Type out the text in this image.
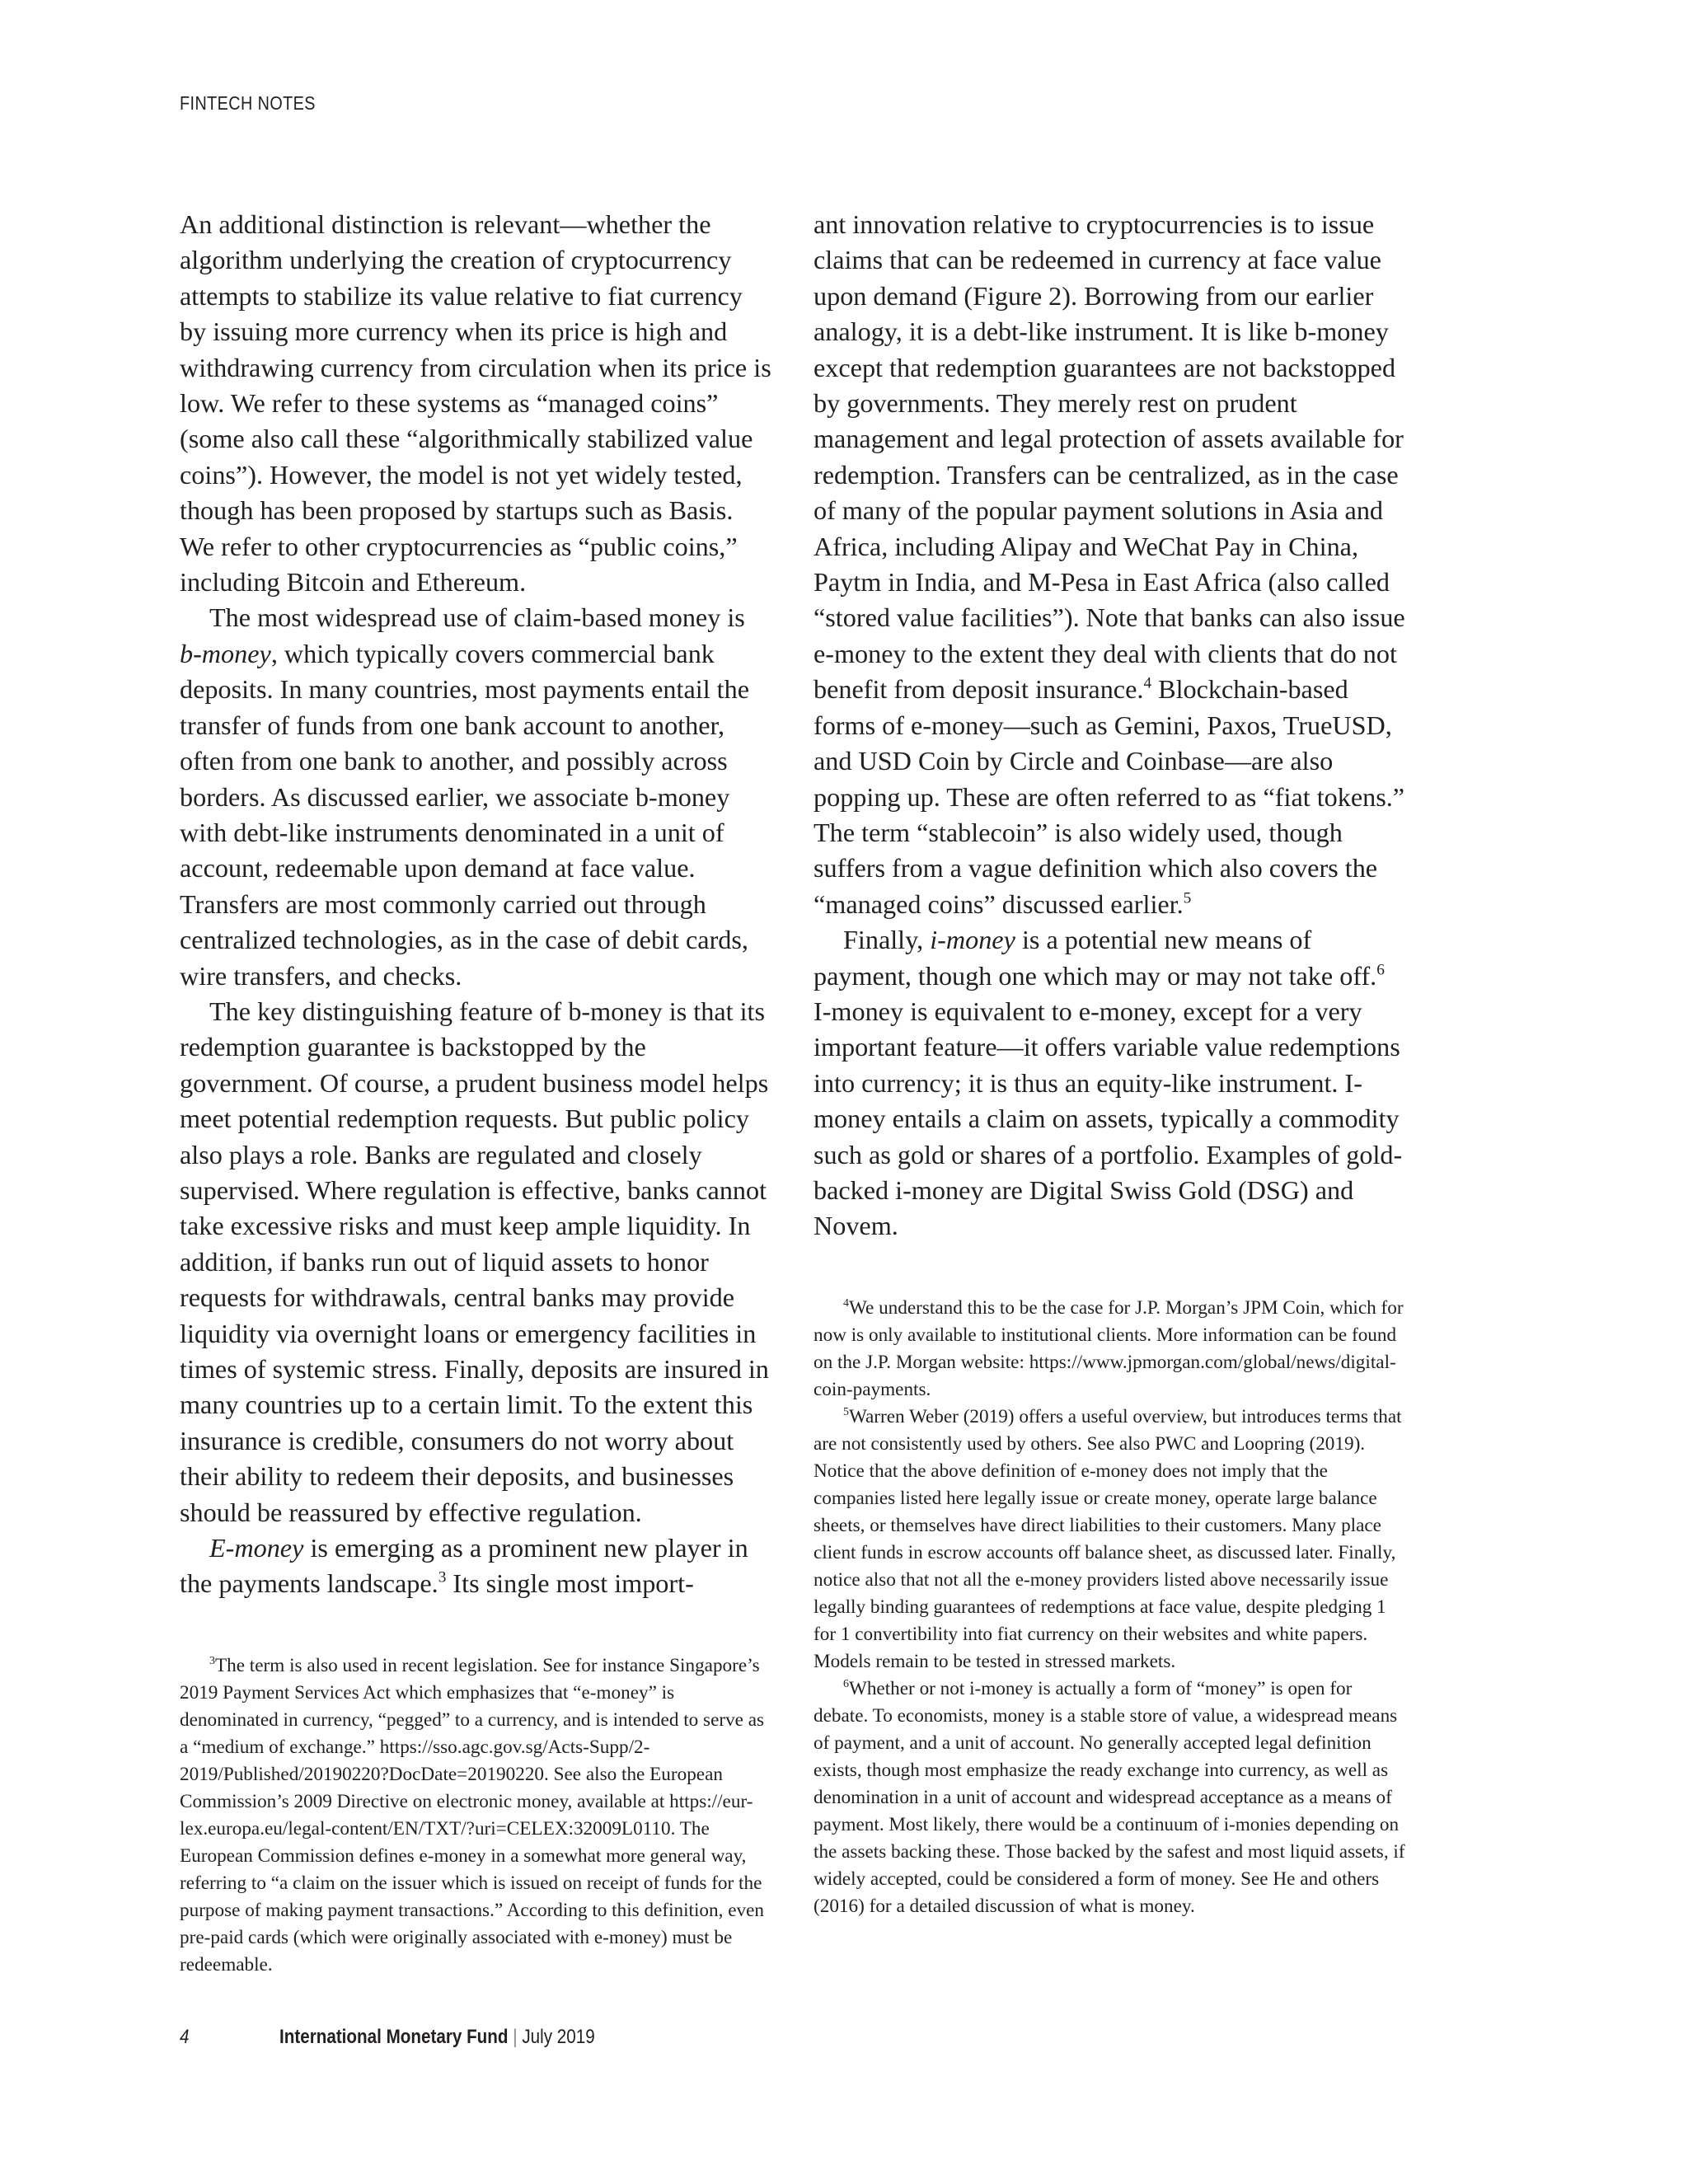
FINTECH NOTES

An additional distinction is relevant—whether the algorithm underlying the creation of cryptocurrency attempts to stabilize its value relative to fiat currency by issuing more currency when its price is high and withdrawing currency from circulation when its price is low. We refer to these systems as “managed coins” (some also call these “algorithmically stabilized value coins”). However, the model is not yet widely tested, though has been proposed by startups such as Basis. We refer to other cryptocurrencies as “public coins,” including Bitcoin and Ethereum.

The most widespread use of claim-based money is b-money, which typically covers commercial bank deposits. In many countries, most payments entail the transfer of funds from one bank account to another, often from one bank to another, and possibly across borders. As discussed earlier, we associate b-money with debt-like instruments denominated in a unit of account, redeemable upon demand at face value. Transfers are most commonly carried out through centralized technologies, as in the case of debit cards, wire transfers, and checks.

The key distinguishing feature of b-money is that its redemption guarantee is backstopped by the government. Of course, a prudent business model helps meet potential redemption requests. But public policy also plays a role. Banks are regulated and closely supervised. Where regulation is effective, banks cannot take excessive risks and must keep ample liquidity. In addition, if banks run out of liquid assets to honor requests for withdrawals, central banks may provide liquidity via overnight loans or emergency facilities in times of systemic stress. Finally, deposits are insured in many countries up to a certain limit. To the extent this insurance is credible, consumers do not worry about their ability to redeem their deposits, and businesses should be reassured by effective regulation.

E-money is emerging as a prominent new player in the payments landscape.$^3$ Its single most import-

$^3$The term is also used in recent legislation. See for instance Singapore’s 2019 Payment Services Act which emphasizes that “e-money” is denominated in currency, “pegged” to a currency, and is intended to serve as a “medium of exchange.” https://sso.agc.gov.sg/Acts-Supp/2-2019/Published/20190220?DocDate=20190220. See also the European Commission’s 2009 Directive on electronic money, available at https://eur-lex.europa.eu/legal-content/EN/TXT/?uri=CELEX:32009L0110. The European Commission defines e-money in a somewhat more general way, referring to “a claim on the issuer which is issued on receipt of funds for the purpose of making payment transactions.” According to this definition, even pre-paid cards (which were originally associated with e-money) must be redeemable.

ant innovation relative to cryptocurrencies is to issue claims that can be redeemed in currency at face value upon demand (Figure 2). Borrowing from our earlier analogy, it is a debt-like instrument. It is like b-money except that redemption guarantees are not backstopped by governments. They merely rest on prudent management and legal protection of assets available for redemption. Transfers can be centralized, as in the case of many of the popular payment solutions in Asia and Africa, including Alipay and WeChat Pay in China, Paytm in India, and M-Pesa in East Africa (also called “stored value facilities”). Note that banks can also issue e-money to the extent they deal with clients that do not benefit from deposit insurance.$^4$ Blockchain-based forms of e-money—such as Gemini, Paxos, TrueUSD, and USD Coin by Circle and Coinbase—are also popping up. These are often referred to as “fiat tokens.” The term “stablecoin” is also widely used, though suffers from a vague definition which also covers the “managed coins” discussed earlier.$^5$

Finally, i-money is a potential new means of payment, though one which may or may not take off.$^6$ I-money is equivalent to e-money, except for a very important feature—it offers variable value redemptions into currency; it is thus an equity-like instrument. I-money entails a claim on assets, typically a commodity such as gold or shares of a portfolio. Examples of gold-backed i-money are Digital Swiss Gold (DSG) and Novem.

$^4$We understand this to be the case for J.P. Morgan’s JPM Coin, which for now is only available to institutional clients. More information can be found on the J.P. Morgan website: https://www.jpmorgan.com/global/news/digital-coin-payments.

$^5$Warren Weber (2019) offers a useful overview, but introduces terms that are not consistently used by others. See also PWC and Loopring (2019). Notice that the above definition of e-money does not imply that the companies listed here legally issue or create money, operate large balance sheets, or themselves have direct liabilities to their customers. Many place client funds in escrow accounts off balance sheet, as discussed later. Finally, notice also that not all the e-money providers listed above necessarily issue legally binding guarantees of redemptions at face value, despite pledging 1 for 1 convertibility into fiat currency on their websites and white papers. Models remain to be tested in stressed markets.

$^6$Whether or not i-money is actually a form of “money” is open for debate. To economists, money is a stable store of value, a widespread means of payment, and a unit of account. No generally accepted legal definition exists, though most emphasize the ready exchange into currency, as well as denomination in a unit of account and widespread acceptance as a means of payment. Most likely, there would be a continuum of i-monies depending on the assets backing these. Those backed by the safest and most liquid assets, if widely accepted, could be considered a form of money. See He and others (2016) for a detailed discussion of what is money.

4	International Monetary Fund | July 2019
